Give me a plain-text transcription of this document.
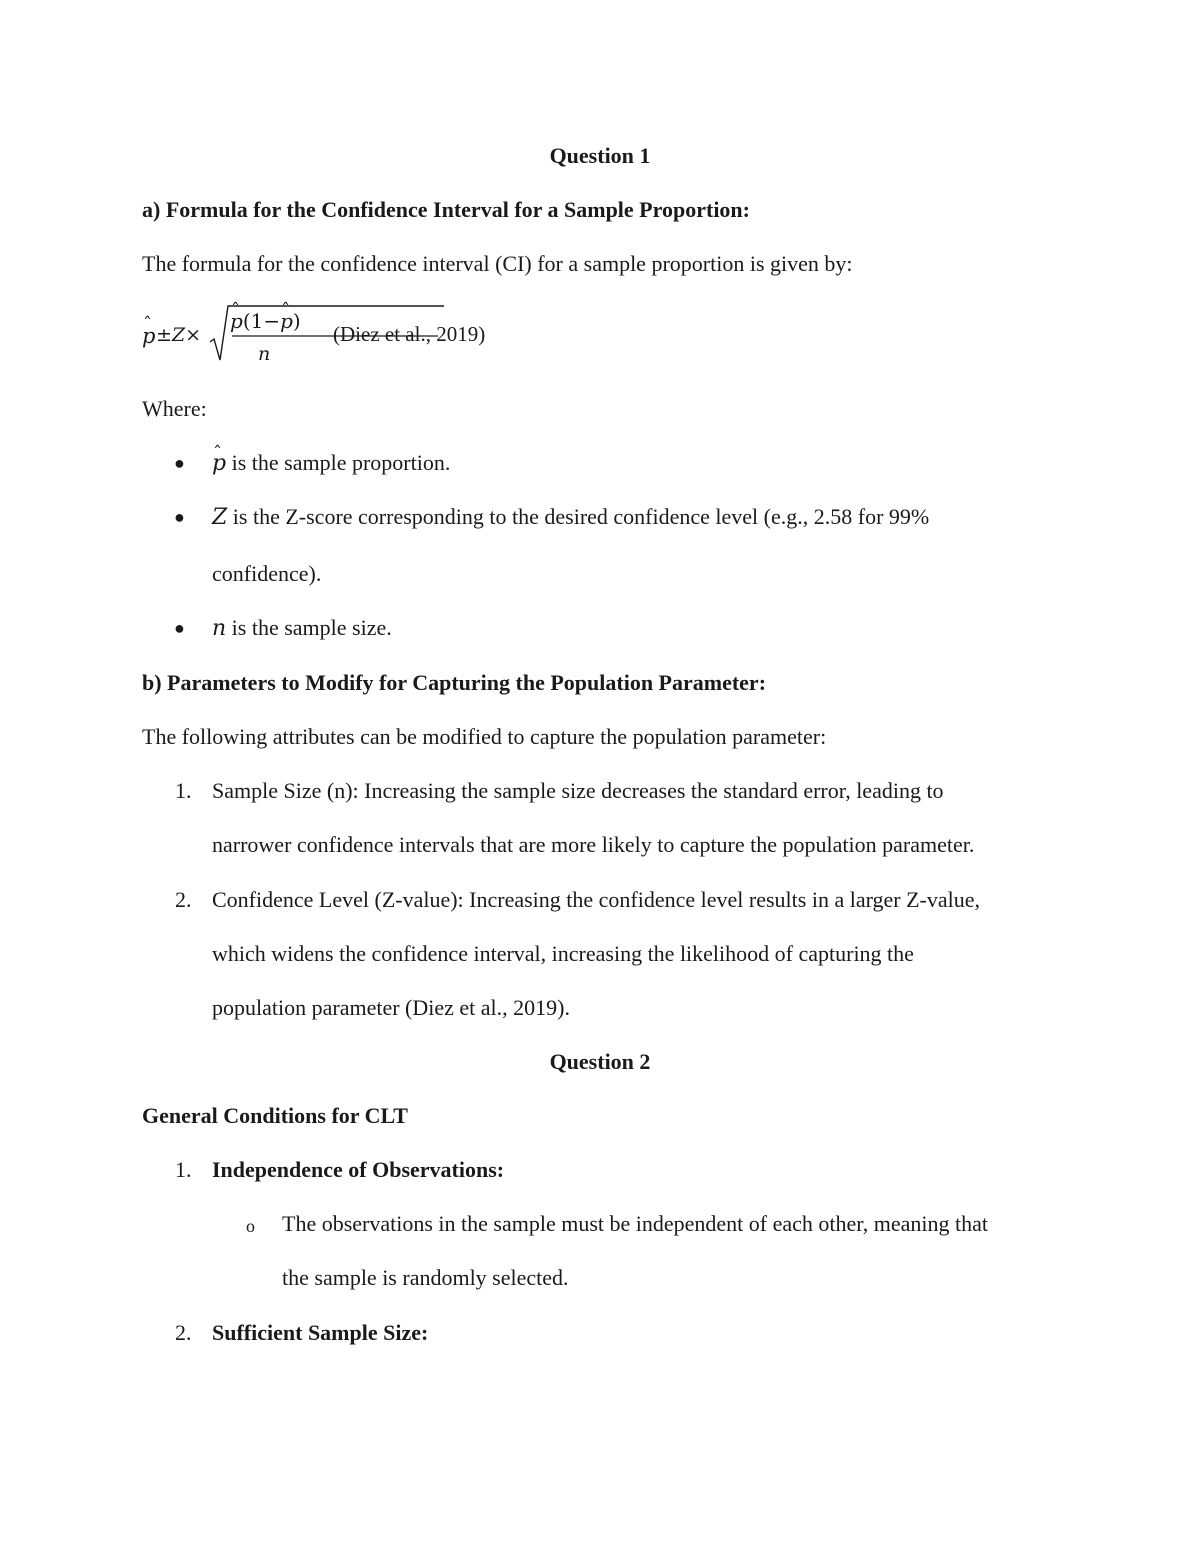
Question 1
a) Formula for the Confidence Interval for a Sample Proportion:
The formula for the confidence interval (CI) for a sample proportion is given by:
ˆ p ±Z×
ˆ p(1−ˆ p)
n
(Diez et al., 2019)
Where:
●
ˆ p is the sample proportion.
● Z is the Z-score corresponding to the desired confidence level (e.g., 2.58 for 99%
confidence).
● n is the sample size.
b) Parameters to Modify for Capturing the Population Parameter:
The following attributes can be modified to capture the population parameter:
1. Sample Size (n): Increasing the sample size decreases the standard error, leading to
narrower confidence intervals that are more likely to capture the population parameter.
2. Confidence Level (Z-value): Increasing the confidence level results in a larger Z-value,
which widens the confidence interval, increasing the likelihood of capturing the
population parameter (Diez et al., 2019).
Question 2
General Conditions for CLT
1. Independence of Observations:
o The observations in the sample must be independent of each other, meaning that
the sample is randomly selected.
2. Sufficient Sample Size:
